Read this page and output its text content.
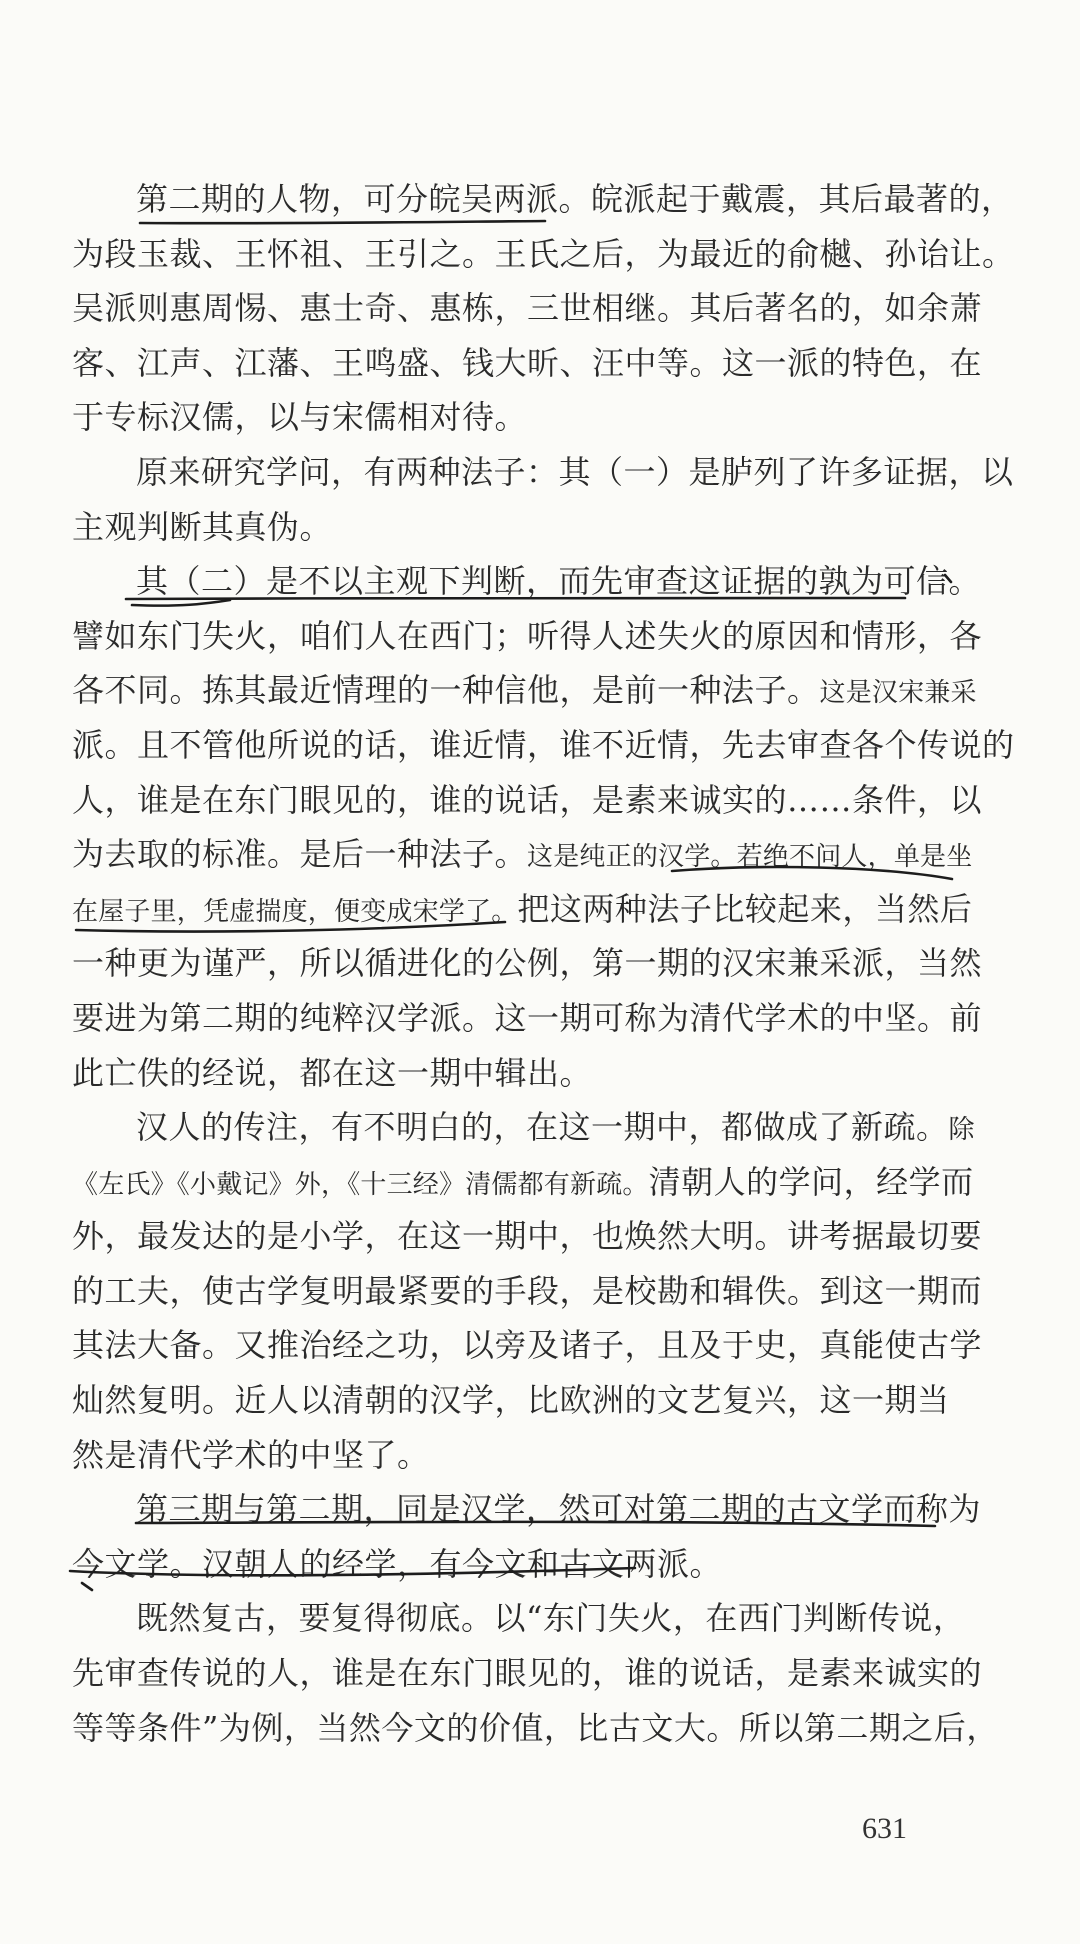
第二期的人物，可分皖吴两派。皖派起于戴震，其后最著的，
为段玉裁、王怀祖、王引之。王氏之后，为最近的俞樾、孙诒让。
吴派则惠周惕、惠士奇、惠栋，三世相继。其后著名的，如余萧
客、江声、江藩、王鸣盛、钱大昕、汪中等。这一派的特色，在
于专标汉儒，以与宋儒相对待。
原来研究学问，有两种法子：其（一）是胪列了许多证据，以
主观判断其真伪。
其（二）是不以主观下判断，而先审查这证据的孰为可信。
譬如东门失火，咱们人在西门；听得人述失火的原因和情形，各
各不同。拣其最近情理的一种信他，是前一种法子。这是汉宋兼采
派。且不管他所说的话，谁近情，谁不近情，先去审查各个传说的
人，谁是在东门眼见的，谁的说话，是素来诚实的……条件，以
为去取的标准。是后一种法子。这是纯正的汉学。若绝不问人，单是坐
在屋子里，凭虚揣度，便变成宋学了。把这两种法子比较起来，当然后
一种更为谨严，所以循进化的公例，第一期的汉宋兼采派，当然
要进为第二期的纯粹汉学派。这一期可称为清代学术的中坚。前
此亡佚的经说，都在这一期中辑出。
汉人的传注，有不明白的，在这一期中，都做成了新疏。除
《左氏》《小戴记》外，《十三经》清儒都有新疏。清朝人的学问，经学而
外，最发达的是小学，在这一期中，也焕然大明。讲考据最切要
的工夫，使古学复明最紧要的手段，是校勘和辑佚。到这一期而
其法大备。又推治经之功，以旁及诸子，且及于史，真能使古学
灿然复明。近人以清朝的汉学，比欧洲的文艺复兴，这一期当
然是清代学术的中坚了。
第三期与第二期，同是汉学，然可对第二期的古文学而称为
今文学。汉朝人的经学，有今文和古文两派。
既然复古，要复得彻底。以“东门失火，在西门判断传说，
先审查传说的人，谁是在东门眼见的，谁的说话，是素来诚实的
等等条件”为例，当然今文的价值，比古文大。所以第二期之后，
631
